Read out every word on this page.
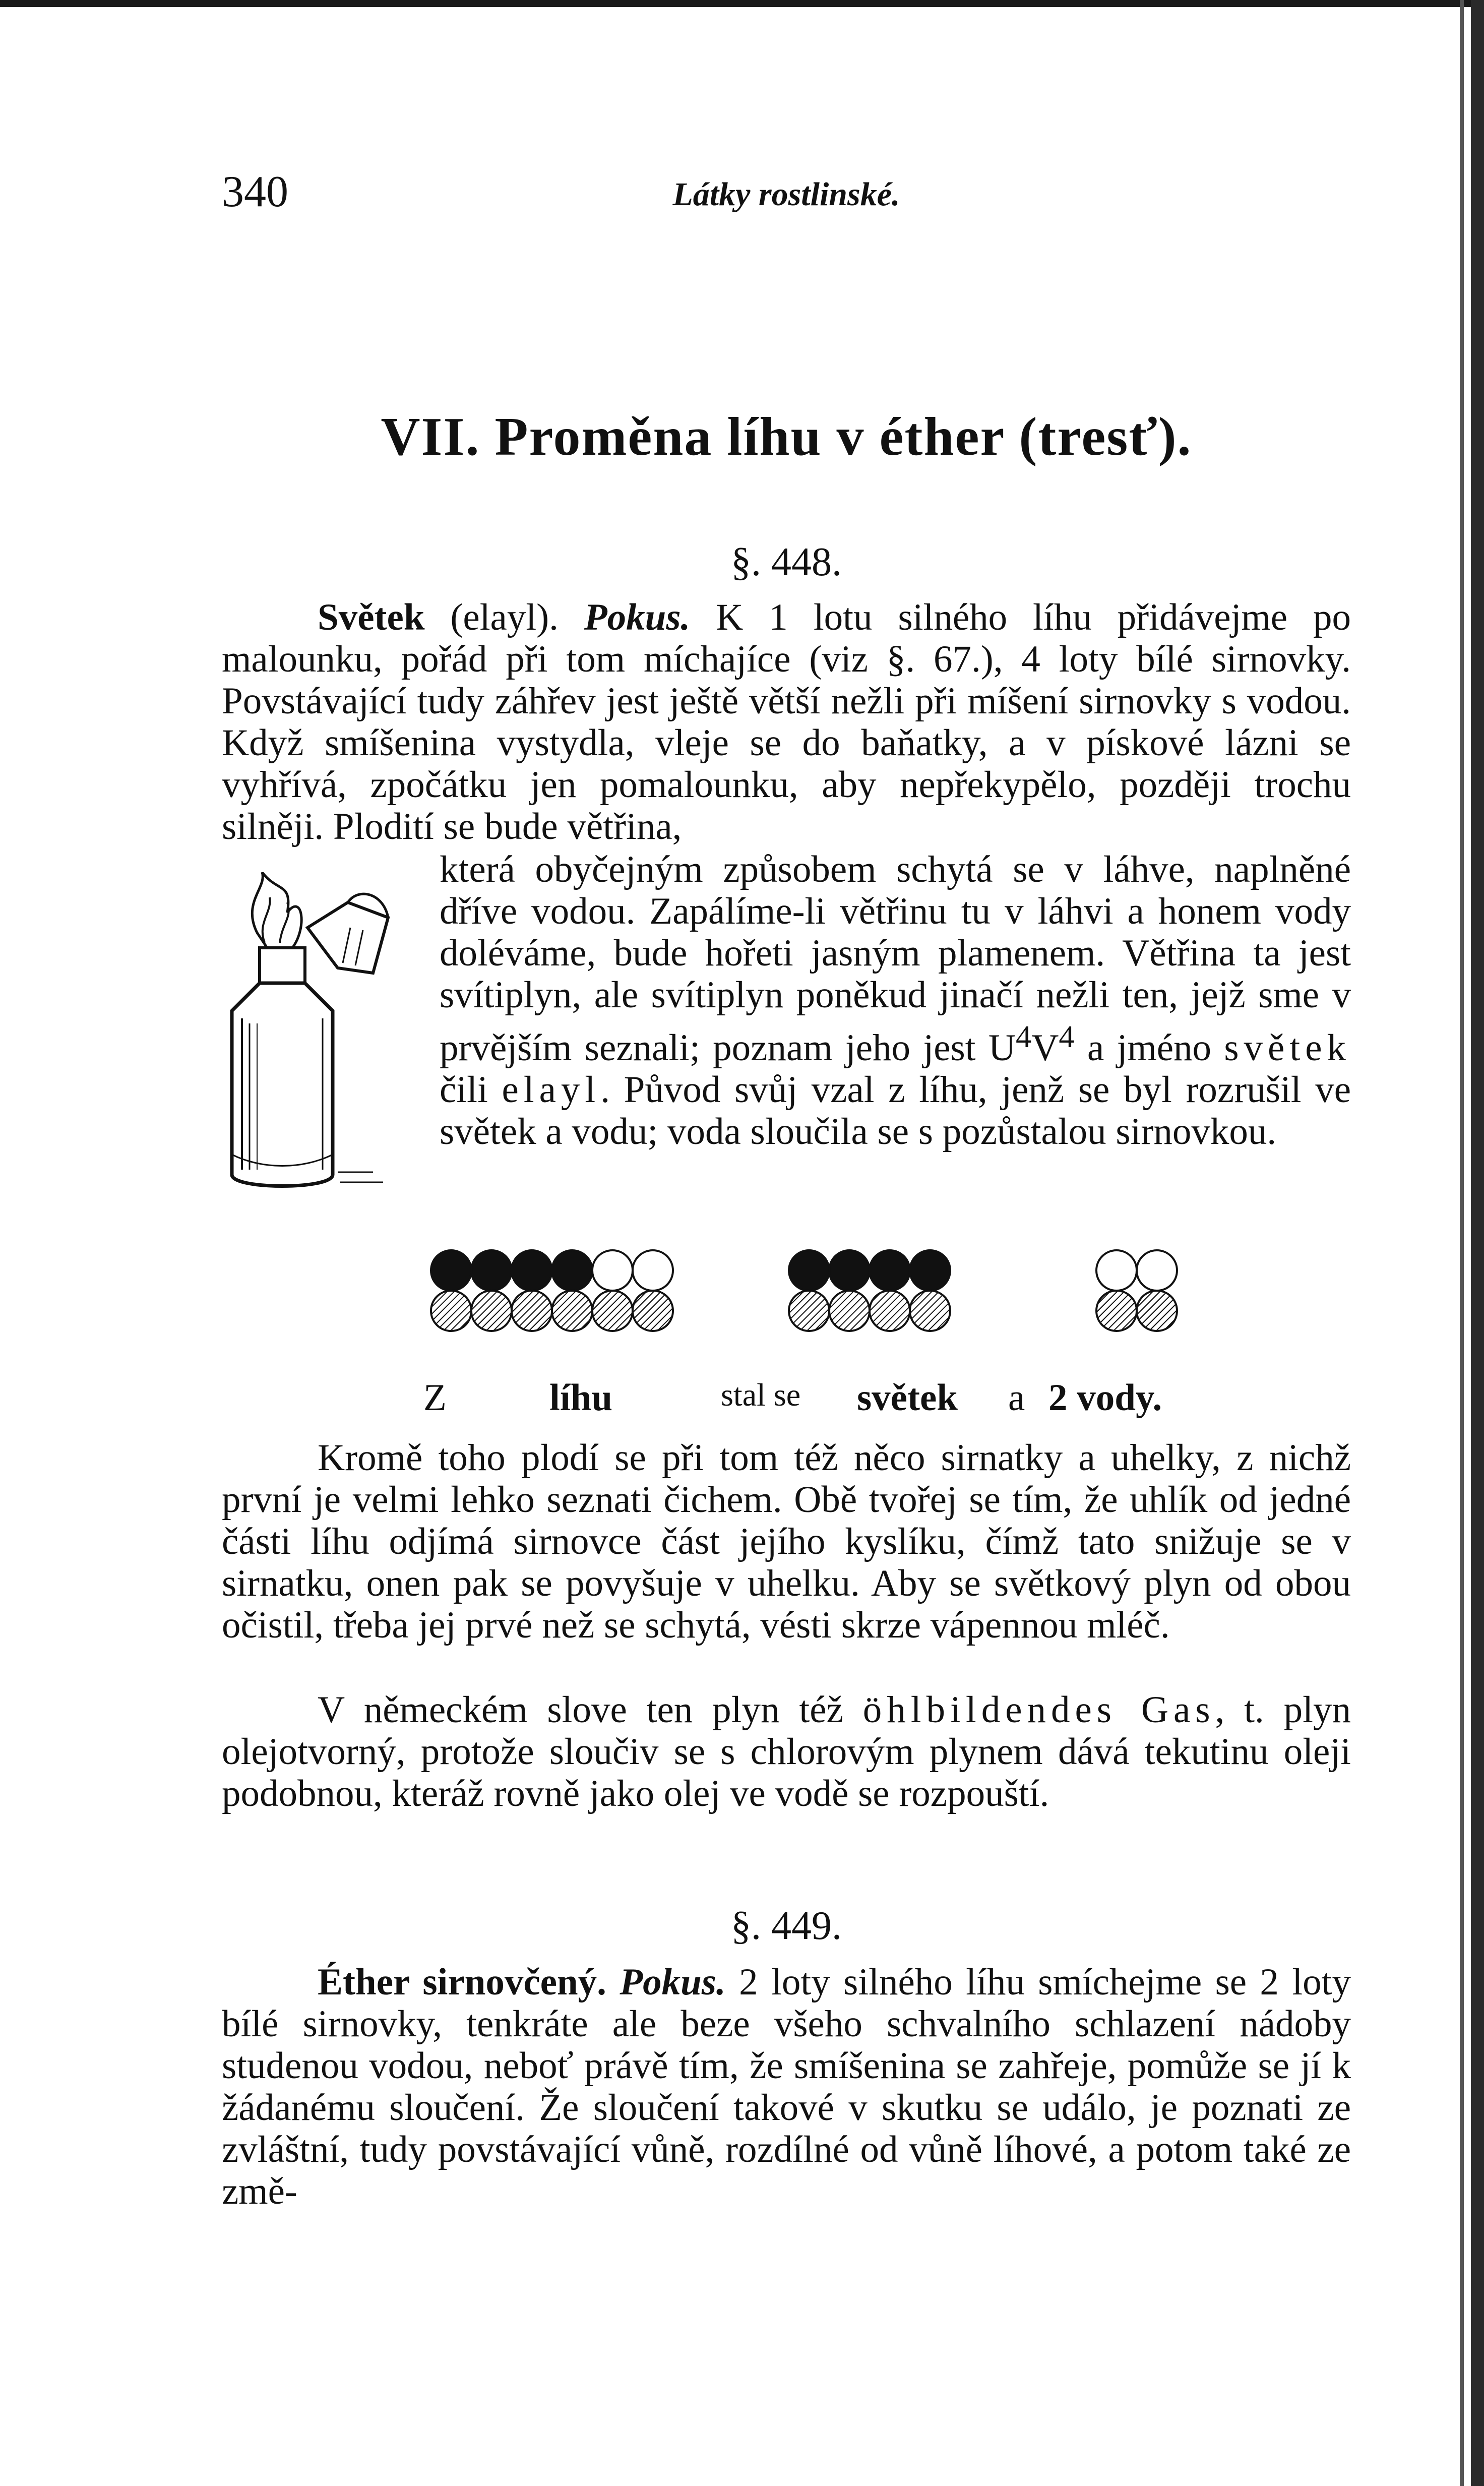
340	Látky rostlinské.
VII. Proměna líhu v éther (tresť).
§. 448.
Světek (elayl). Pokus. K 1 lotu silného líhu přidávejme po malounku, pořád při tom míchajíce (viz §. 67.), 4 loty bílé sirnovky. Povstávající tudy záhřev jest ještě větší nežli při míšení sirnovky s vodou. Když smíšenina vystydla, vleje se do baňatky, a v pískové lázni se vyhřívá, zpočátku jen pomalounku, aby nepřekypělo, později trochu silněji. Plodití se bude větřina,
která obyčejným způsobem schytá se v láhve, naplněné dříve vodou. Zapálíme-li větřinu tu v láhvi a honem vody doléváme, bude hořeti jasným plamenem. Větřina ta jest svítiplyn, ale svítiplyn poněkud jinačí nežli ten, jejž sme v prvějším seznali; poznam jeho jest $U^4V^4$ a jméno světek čili elayl. Původ svůj vzal z líhu, jenž se byl rozrušil ve světek a vodu; voda sloučila se s pozůstalou sirnovkou.
Z	líhu	stal se světek a 2 vody.
Kromě toho plodí se při tom též něco sirnatky a uhelky, z nichž první je velmi lehko seznati čichem. Obě tvořej se tím, že uhlík od jedné části líhu odjímá sirnovce část jejího kyslíku, čímž tato snižuje se v sirnatku, onen pak se povyšuje v uhelku. Aby se světkový plyn od obou očistil, třeba jej prvé než se schytá, vésti skrze vápennou mléč.
V německém slove ten plyn též öhlbildendes Gas, t. plyn olejotvorný, protože sloučiv se s chlorovým plynem dává tekutinu oleji podobnou, kteráž rovně jako olej ve vodě se rozpouští.
§. 449.
Éther sirnovčený. Pokus. 2 loty silného líhu smíchejme se 2 loty bílé sirnovky, tenkráte ale beze všeho schvalního schlazení nádoby studenou vodou, neboť právě tím, že smíšenina se zahřeje, pomůže se jí k žádanému sloučení. Že sloučení takové v skutku se událo, je poznati ze zvláštní, tudy povstávající vůně, rozdílné od vůně líhové, a potom také ze změ-
